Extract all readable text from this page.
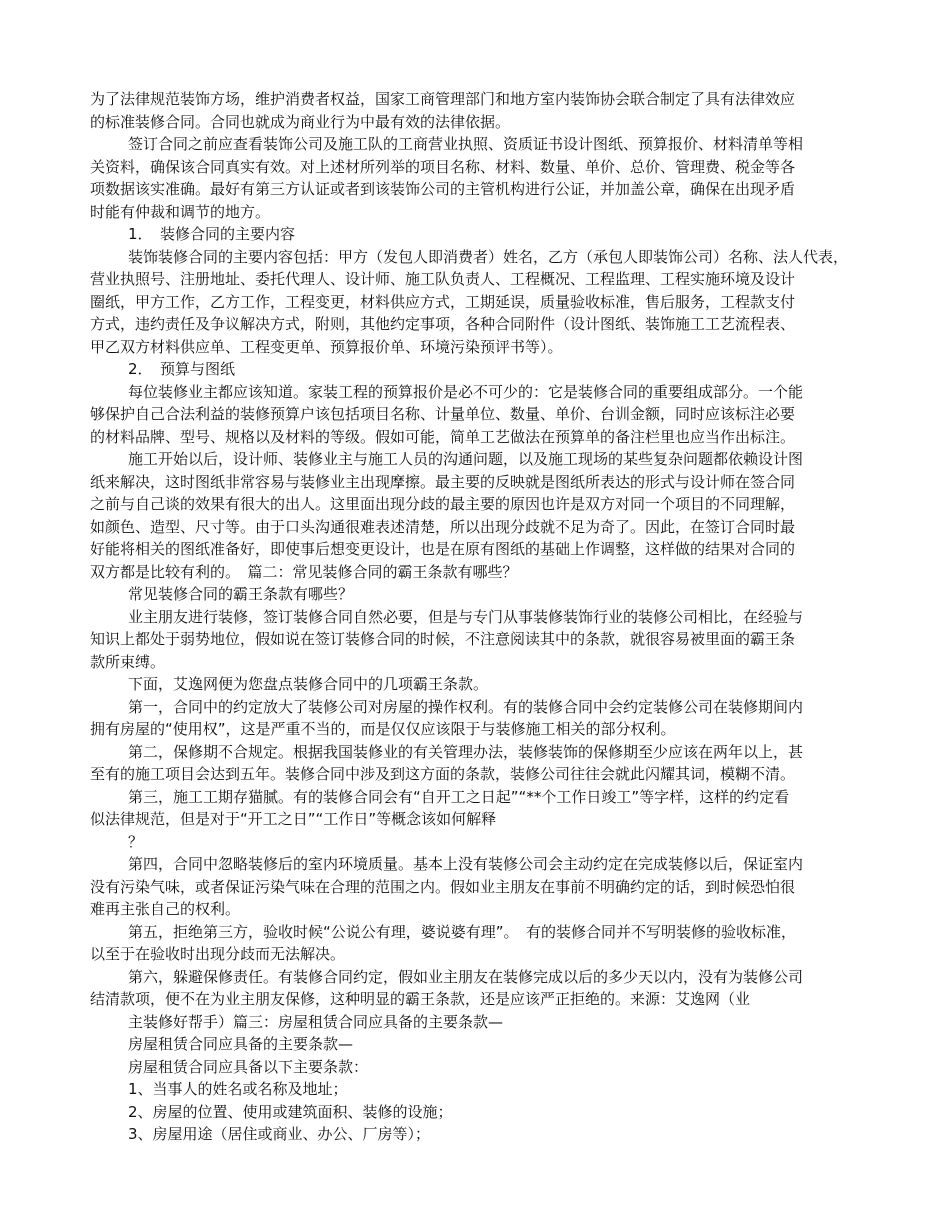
为了法律规范装饰方场，维护消费者权益，国家工商管理部门和地方室内装饰协会联合制定了具有法律效应
的标准装修合同。合同也就成为商业行为中最有效的法律依据。
签订合同之前应查看装饰公司及施工队的工商营业执照、资质证书设计图纸、预算报价、材料清单等相
关资料，确保该合同真实有效。对上述材所列举的项目名称、材料、数量、单价、总价、管理费、税金等各
项数据该实准确。最好有第三方认证或者到该装饰公司的主管机构进行公证，并加盖公章，确保在出现矛盾
时能有仲裁和调节的地方。
1．　装修合同的主要内容
装饰装修合同的主要内容包括：甲方（发包人即消费者）姓名，乙方（承包人即装饰公司）名称、法人代表，
营业执照号、注册地址、委托代理人、设计师、施工队负责人、工程概况、工程监理、工程实施环境及设计
圈纸，甲方工作，乙方工作，工程变更，材料供应方式，工期延误，质量验收标准，售后服务，工程款支付
方式，违约责任及争议解决方式，附则，其他约定事项，各种合同附件（设计图纸、装饰施工工艺流程表、
甲乙双方材料供应单、工程变更单、预算报价单、环境污染预评书等）。
2．　预算与图纸
每位装修业主都应该知道。家装工程的预算报价是必不可少的：它是装修合同的重要组成部分。一个能
够保护自己合法利益的装修预算户该包括项目名称、计量单位、数量、单价、台训金额，同时应该标注必要
的材料品牌、型号、规格以及材料的等级。假如可能，简单工艺做法在预算单的备注栏里也应当作出标注。
施工开始以后，设计师、装修业主与施工人员的沟通问题，以及施工现场的某些复杂问题都依赖设计图
纸来解决，这时图纸非常容易与装修业主出现摩擦。最主要的反映就是图纸所表达的形式与设计师在签合同
之前与自己谈的效果有很大的出人。这里面出现分歧的最主要的原因也许是双方对同一个项目的不同理解，
如颜色、造型、尺寸等。由于口头沟通很难表述清楚，所以出现分歧就不足为奇了。因此，在签订合同时最
好能将相关的图纸准备好，即使事后想变更设计，也是在原有图纸的基础上作调整，这样做的结果对合同的
双方都是比较有利的。　篇二：常见装修合同的霸王条款有哪些？
常见装修合同的霸王条款有哪些？
业主朋友进行装修，签订装修合同自然必要，但是与专门从事装修装饰行业的装修公司相比，在经验与
知识上都处于弱势地位，假如说在签订装修合同的时候，不注意阅读其中的条款，就很容易被里面的霸王条
款所束缚。
下面，艾逸网便为您盘点装修合同中的几项霸王条款。
第一，合同中的约定放大了装修公司对房屋的操作权利。有的装修合同中会约定装修公司在装修期间内
拥有房屋的“使用权”，这是严重不当的，而是仅仅应该限于与装修施工相关的部分权利。
第二，保修期不合规定。根据我国装修业的有关管理办法，装修装饰的保修期至少应该在两年以上，甚
至有的施工项目会达到五年。装修合同中涉及到这方面的条款，装修公司往往会就此闪耀其词，模糊不清。
第三，施工工期存猫腻。有的装修合同会有“自开工之日起”“**个工作日竣工”等字样，这样的约定看
似法律规范，但是对于“开工之日”“工作日”等概念该如何解释
？
第四，合同中忽略装修后的室内环境质量。基本上没有装修公司会主动约定在完成装修以后，保证室内
没有污染气味，或者保证污染气味在合理的范围之内。假如业主朋友在事前不明确约定的话，到时候恐怕很
难再主张自己的权利。
第五，拒绝第三方，验收时候“公说公有理，婆说婆有理”。　有的装修合同并不写明装修的验收标准，
以至于在验收时出现分歧而无法解决。
第六，躲避保修责任。有装修合同约定，假如业主朋友在装修完成以后的多少天以内，没有为装修公司
结清款项，便不在为业主朋友保修，这种明显的霸王条款，还是应该严正拒绝的。来源：艾逸网（业
主装修好帮手）篇三：房屋租赁合同应具备的主要条款—
房屋租赁合同应具备的主要条款—
房屋租赁合同应具备以下主要条款：
1、当事人的姓名或名称及地址；
2、房屋的位置、使用或建筑面积、装修的设施；
3、房屋用途（居住或商业、办公、厂房等）；
